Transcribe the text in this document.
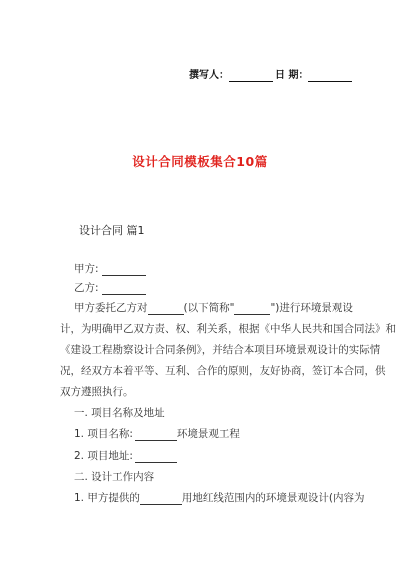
撰写人：	日 期：
设计合同模板集合10篇
设计合同 篇1
甲方:
乙方:
甲方委托乙方对	(以下简称"	")进行环境景观设
计，为明确甲乙双方责、权、利关系，根据《中华人民共和国合同法》和
《建设工程勘察设计合同条例》，并结合本项目环境景观设计的实际情
况，经双方本着平等、互利、合作的原则，友好协商，签订本合同，供
双方遵照执行。
一. 项目名称及地址
1. 项目名称:	环境景观工程
2. 项目地址:
二. 设计工作内容
1. 甲方提供的	用地红线范围内的环境景观设计(内容为
